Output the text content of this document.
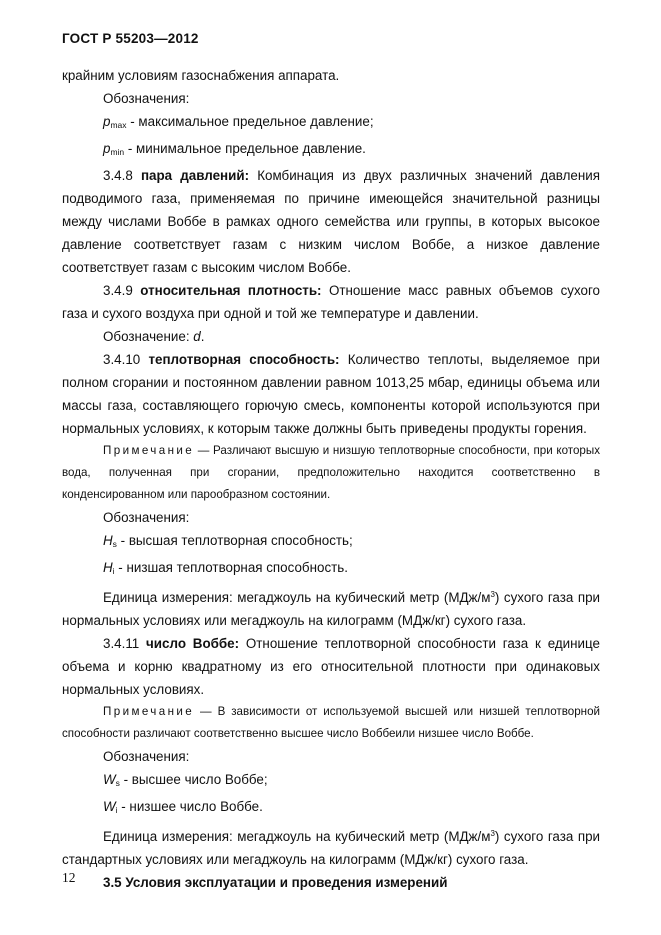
ГОСТ Р 55203—2012

крайним условиям газоснабжения аппарата.

Обозначения:

$p_{max}$ - максимальное предельное давление;

$p_{min}$ - минимальное предельное давление.

3.4.8 пара давлений: Комбинация из двух различных значений давления подводимого газа, применяемая по причине имеющейся значительной разницы между числами Воббе в рамках одного семейства или группы, в которых высокое давление соответствует газам с низким числом Воббе, а низкое давление соответствует газам с высоким числом Воббе.

3.4.9 относительная плотность: Отношение масс равных объемов сухого газа и сухого воздуха при одной и той же температуре и давлении.

Обозначение: d.

3.4.10 теплотворная способность: Количество теплоты, выделяемое при полном сгорании и постоянном давлении равном 1013,25 мбар, единицы объема или массы газа, составляющего горючую смесь, компоненты которой используются при нормальных условиях, к которым также должны быть приведены продукты горения.

Примечание — Различают высшую и низшую теплотворные способности, при которых вода, полученная при сгорании, предположительно находится соответственно в конденсированном или парообразном состоянии.

Обозначения:

$H_s$ - высшая теплотворная способность;

$H_i$ - низшая теплотворная способность.

Единица измерения: мегаджоуль на кубический метр $(МДж/м^3)$ сухого газа при нормальных условиях или мегаджоуль на килограмм (МДж/кг) сухого газа.

3.4.11 число Воббе: Отношение теплотворной способности газа к единице объема и корню квадратному из его относительной плотности при одинаковых нормальных условиях.

Примечание — В зависимости от используемой высшей или низшей теплотворной способности различают соответственно высшее число Воббеили низшее число Воббе.

Обозначения:

$W_s$ - высшее число Воббе;

$W_i$ - низшее число Воббе.

Единица измерения: мегаджоуль на кубический метр $(МДж/м^3)$ сухого газа при стандартных условиях или мегаджоуль на килограмм (МДж/кг) сухого газа.

3.5 Условия эксплуатации и проведения измерений

12
